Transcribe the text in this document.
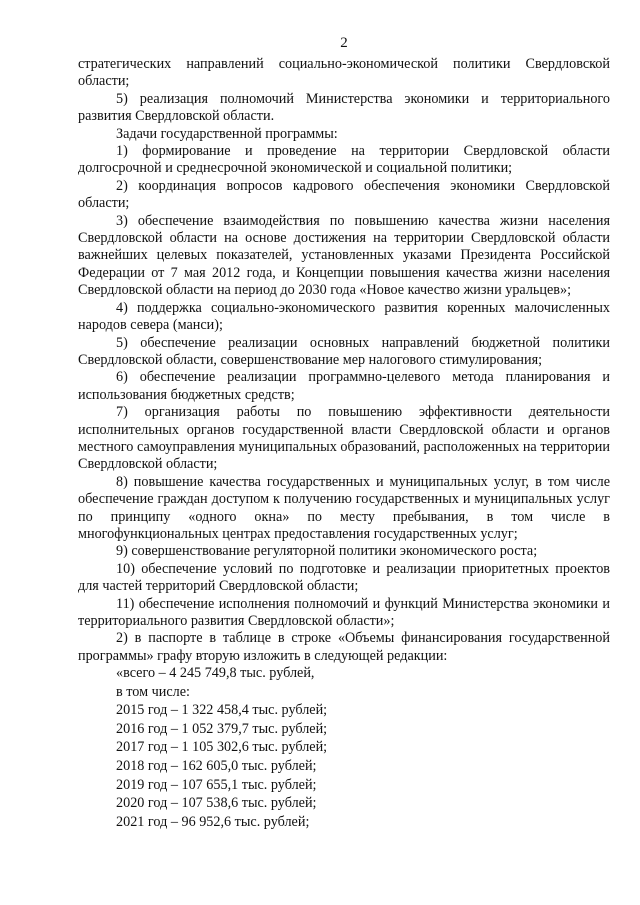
2

стратегических направлений социально-экономической политики Свердловской области;

5) реализация полномочий Министерства экономики и территориального развития Свердловской области.

Задачи государственной программы:

1) формирование и проведение на территории Свердловской области долгосрочной и среднесрочной экономической и социальной политики;

2) координация вопросов кадрового обеспечения экономики Свердловской области;

3) обеспечение взаимодействия по повышению качества жизни населения Свердловской области на основе достижения на территории Свердловской области важнейших целевых показателей, установленных указами Президента Российской Федерации от 7 мая 2012 года, и Концепции повышения качества жизни населения Свердловской области на период до 2030 года «Новое качество жизни уральцев»;

4) поддержка социально-экономического развития коренных малочисленных народов севера (манси);

5) обеспечение реализации основных направлений бюджетной политики Свердловской области, совершенствование мер налогового стимулирования;

6) обеспечение реализации программно-целевого метода планирования и использования бюджетных средств;

7) организация работы по повышению эффективности деятельности исполнительных органов государственной власти Свердловской области и органов местного самоуправления муниципальных образований, расположенных на территории Свердловской области;

8) повышение качества государственных и муниципальных услуг, в том числе обеспечение граждан доступом к получению государственных и муниципальных услуг по принципу «одного окна» по месту пребывания, в том числе в многофункциональных центрах предоставления государственных услуг;

9) совершенствование регуляторной политики экономического роста;

10) обеспечение условий по подготовке и реализации приоритетных проектов для частей территорий Свердловской области;

11) обеспечение исполнения полномочий и функций Министерства экономики и территориального развития Свердловской области»;

2) в паспорте в таблице в строке «Объемы финансирования государственной программы» графу вторую изложить в следующей редакции:

«всего – 4 245 749,8 тыс. рублей,

в том числе:

2015 год – 1 322 458,4 тыс. рублей;

2016 год – 1 052 379,7 тыс. рублей;

2017 год – 1 105 302,6 тыс. рублей;

2018 год – 162 605,0 тыс. рублей;

2019 год – 107 655,1 тыс. рублей;

2020 год – 107 538,6 тыс. рублей;

2021 год – 96 952,6 тыс. рублей;
